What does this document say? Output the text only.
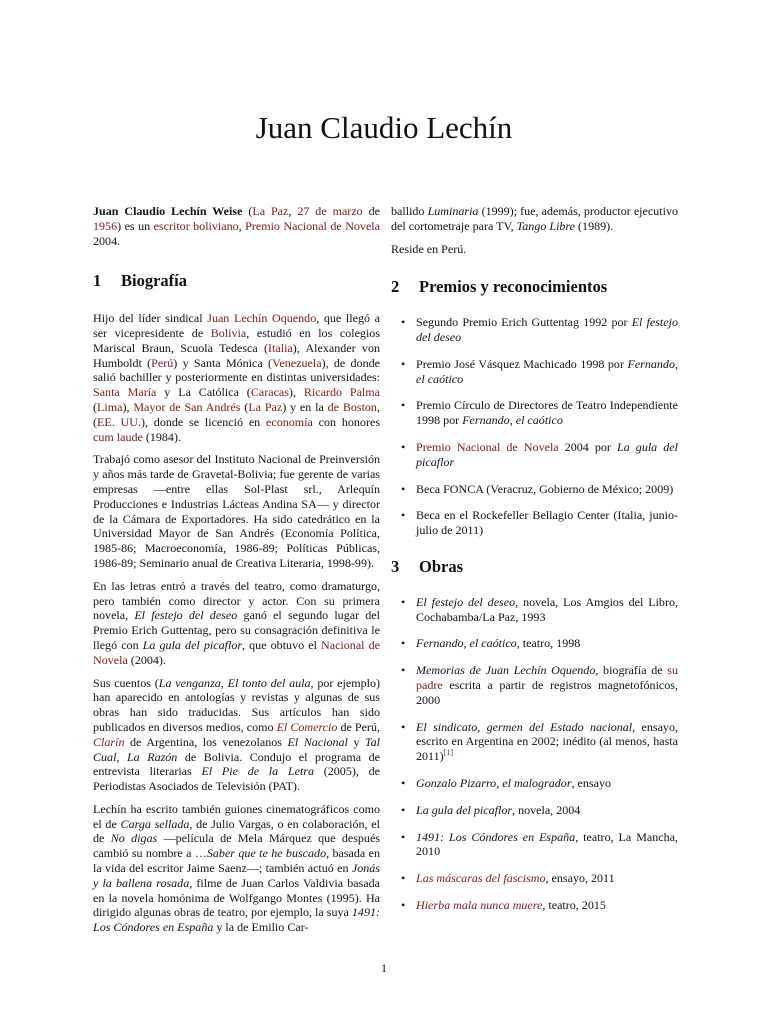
Juan Claudio Lechín

Juan Claudio Lechín Weise (La Paz, 27 de marzo de 1956) es un escritor boliviano, Premio Nacional de Novela 2004.

1 Biografía

Hijo del líder sindical Juan Lechín Oquendo, que llegó a ser vicepresidente de Bolivia, estudió en los colegios Mariscal Braun, Scuola Tedesca (Italia), Alexander von Humboldt (Perú) y Santa Mónica (Venezuela), de donde salió bachiller y posteriormente en distintas universidades: Santa María y La Católica (Caracas), Ricardo Palma (Lima), Mayor de San Andrés (La Paz) y en la de Boston, (EE. UU.), donde se licenció en economía con honores cum laude (1984).

Trabajó como asesor del Instituto Nacional de Preinversión y años más tarde de Gravetal-Bolivia; fue gerente de varias empresas —entre ellas Sol-Plast srl., Arlequín Producciones e Industrias Lácteas Andina SA— y director de la Cámara de Exportadores. Ha sido catedrático en la Universidad Mayor de San Andrés (Economía Política, 1985-86; Macroeconomía, 1986-89; Políticas Públicas, 1986-89; Seminario anual de Creativa Literaria, 1998-99).

En las letras entró a través del teatro, como dramaturgo, pero también como director y actor. Con su primera novela, El festejo del deseo ganó el segundo lugar del Premio Erich Guttentag, pero su consagración definitiva le llegó con La gula del picaflor, que obtuvo el Nacional de Novela (2004).

Sus cuentos (La venganza, El tonto del aula, por ejemplo) han aparecido en antologías y revistas y algunas de sus obras han sido traducidas. Sus artículos han sido publicados en diversos medios, como El Comercio de Perú, Clarín de Argentina, los venezolanos El Nacional y Tal Cual, La Razón de Bolivia. Condujo el programa de entrevista literarias El Pie de la Letra (2005), de Periodistas Asociados de Televisión (PAT).

Lechín ha escrito también guiones cinematográficos como el de Carga sellada, de Julio Vargas, o en colaboración, el de No digas —película de Mela Márquez que después cambió su nombre a …Saber que te he buscado, basada en la vida del escritor Jaime Saenz—; también actuó en Jonás y la ballena rosada, filme de Juan Carlos Valdivia basada en la novela homónima de Wolfgango Montes (1995). Ha dirigido algunas obras de teatro, por ejemplo, la suya 1491: Los Cóndores en España y la de Emilio Car-

ballido Luminaria (1999); fue, además, productor ejecutivo del cortometraje para TV, Tango Libre (1989).

Reside en Perú.

2 Premios y reconocimientos
• Segundo Premio Erich Guttentag 1992 por El festejo del deseo
• Premio José Vásquez Machicado 1998 por Fernando, el caótico
• Premio Círculo de Directores de Teatro Independiente 1998 por Fernando, el caótico
• Premio Nacional de Novela 2004 por La gula del picaflor
• Beca FONCA (Veracruz, Gobierno de México; 2009)
• Beca en el Rockefeller Bellagio Center (Italia, junio-julio de 2011)
3 Obras
• El festejo del deseo, novela, Los Amgios del Libro, Cochabamba/La Paz, 1993
• Fernando, el caótico, teatro, 1998
• Memorias de Juan Lechín Oquendo, biografía de su padre escrita a partir de registros magnetofónicos, 2000
• El sindicato, germen del Estado nacional, ensayo, escrito en Argentina en 2002; inédito (al menos, hasta 2011)[1]
• Gonzalo Pizarro, el malogrador, ensayo
• La gula del picaflor, novela, 2004
• 1491: Los Cóndores en España, teatro, La Mancha, 2010
• Las máscaras del fascismo, ensayo, 2011
• Hierba mala nunca muere, teatro, 2015
1
